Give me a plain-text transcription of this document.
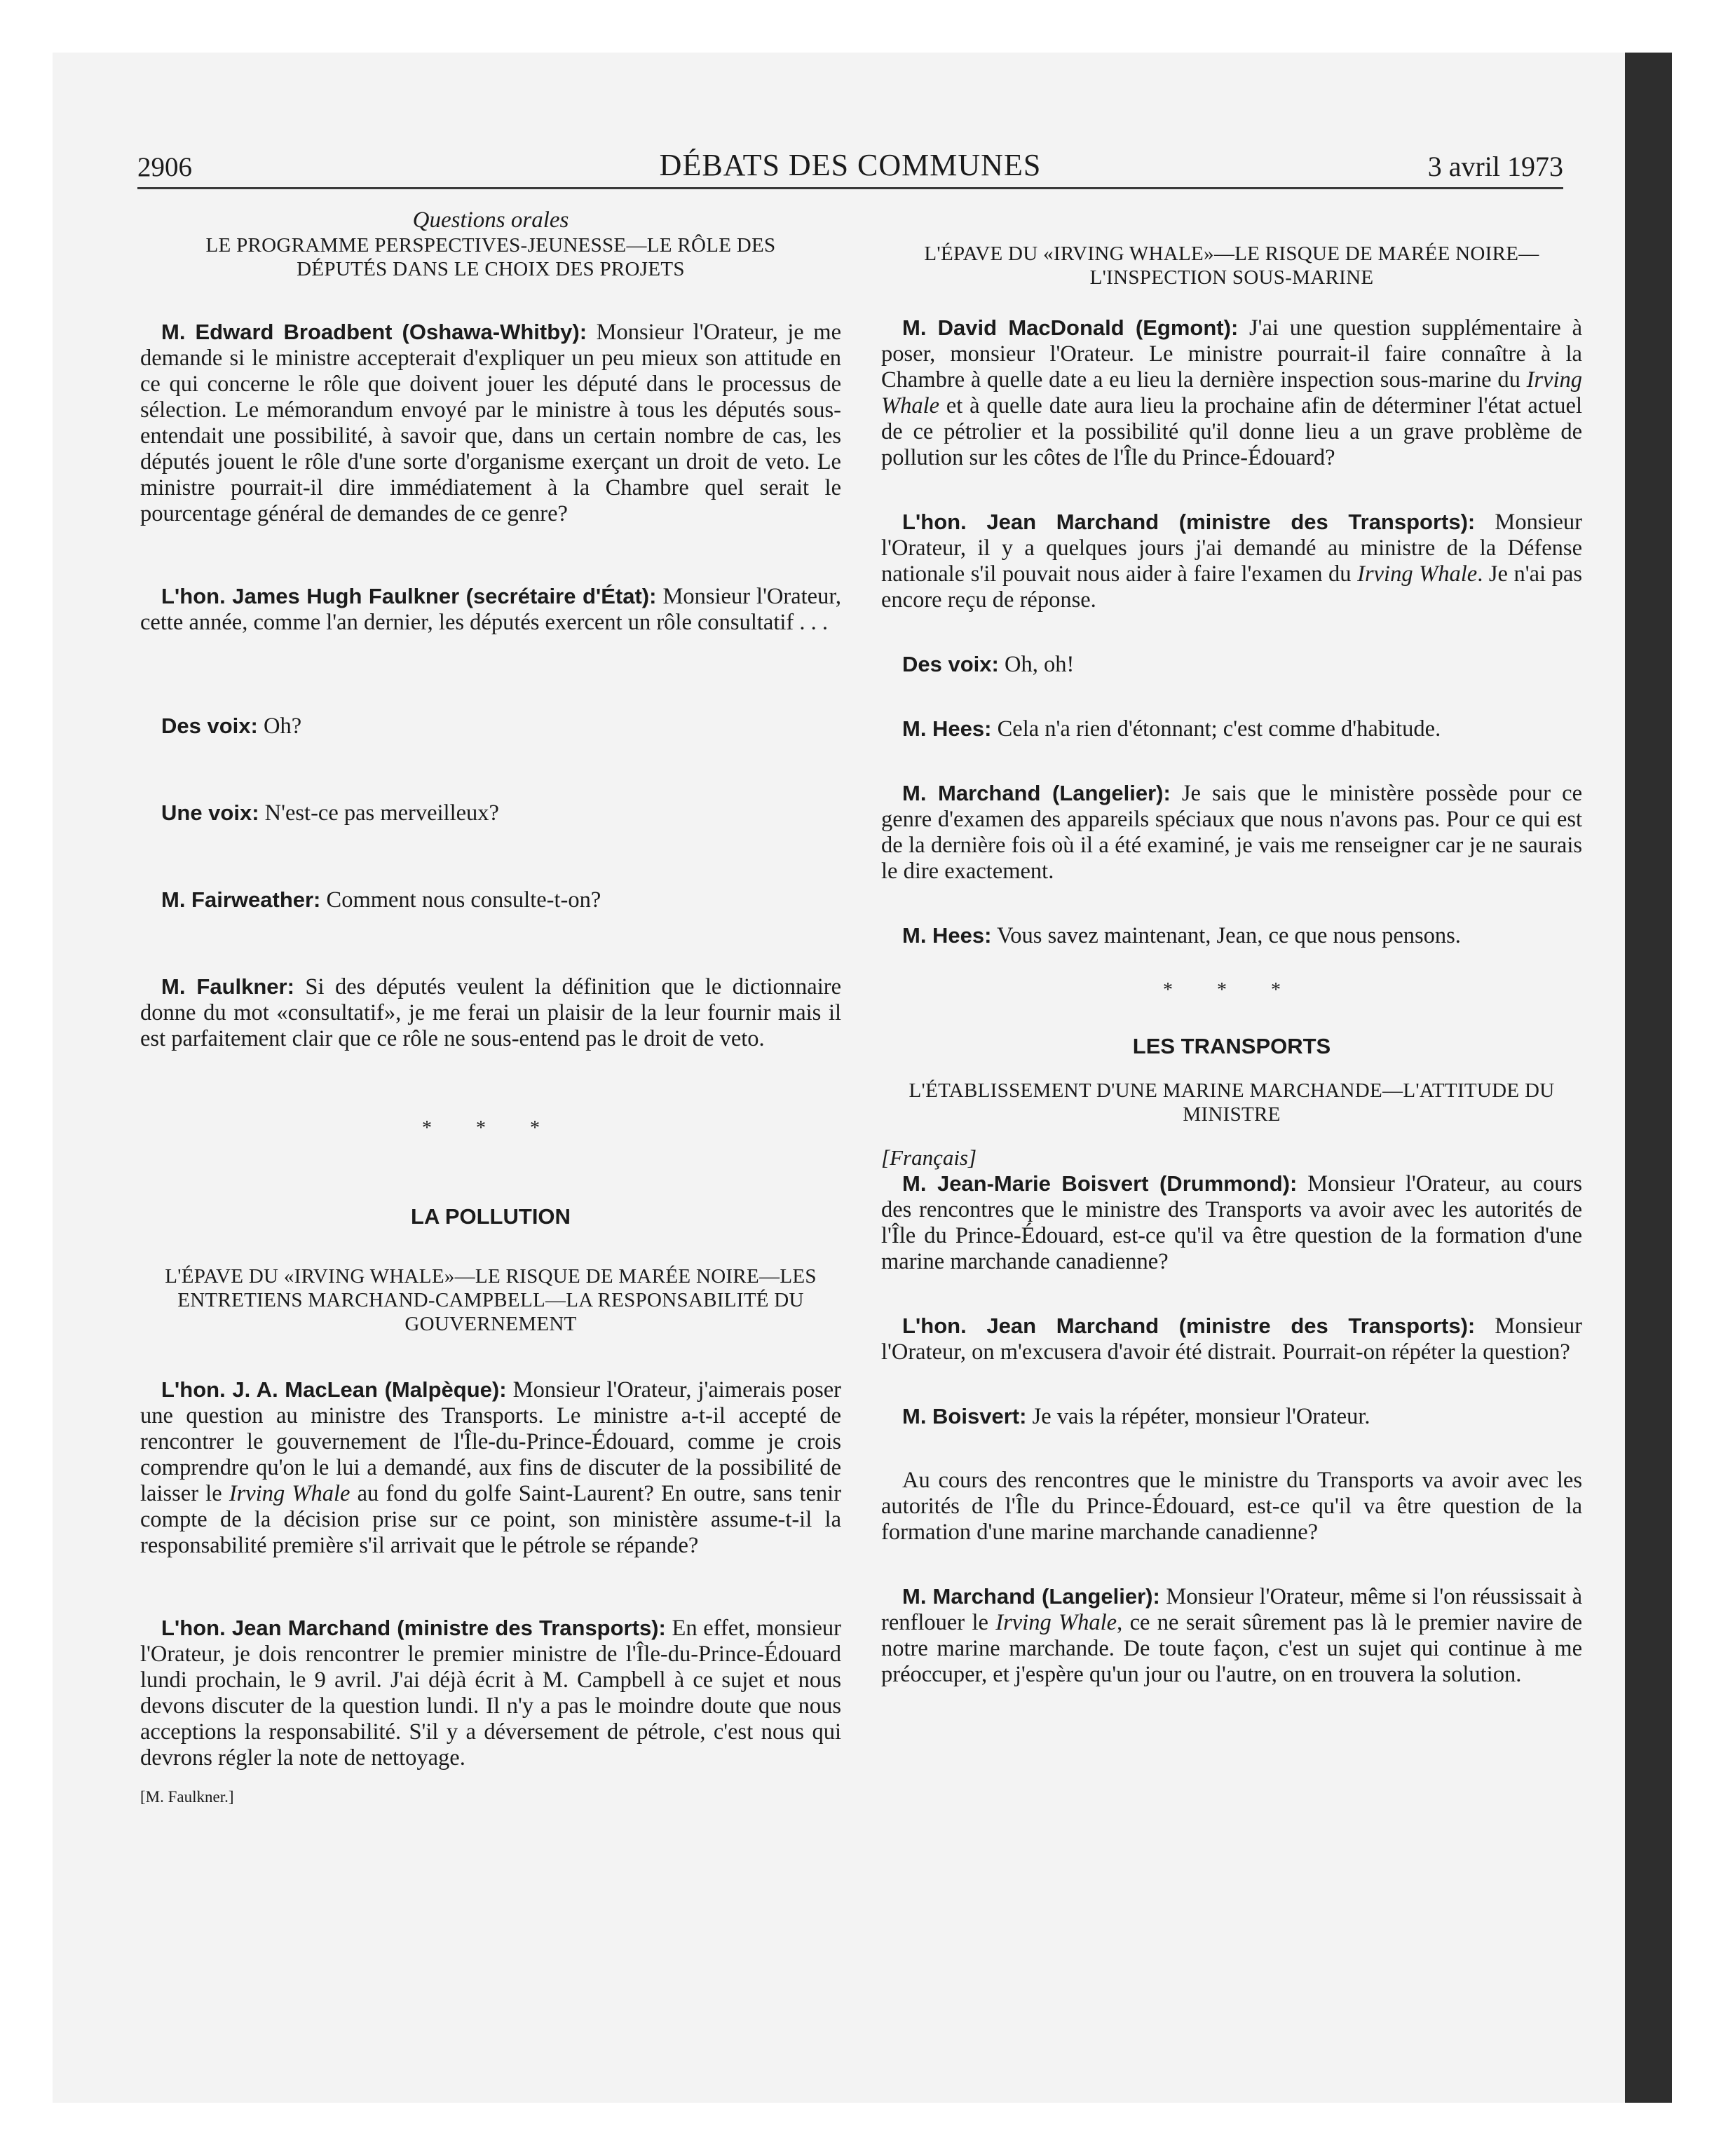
2906	DÉBATS DES COMMUNES	3 avril 1973
Questions orales
LE PROGRAMME PERSPECTIVES-JEUNESSE—LE RÔLE DES DÉPUTÉS DANS LE CHOIX DES PROJETS

M. Edward Broadbent (Oshawa-Whitby): Monsieur l'Orateur, je me demande si le ministre accepterait d'expliquer un peu mieux son attitude en ce qui concerne le rôle que doivent jouer les député dans le processus de sélection. Le mémorandum envoyé par le ministre à tous les députés sous-entendait une possibilité, à savoir que, dans un certain nombre de cas, les députés jouent le rôle d'une sorte d'organisme exerçant un droit de veto. Le ministre pourrait-il dire immédiatement à la Chambre quel serait le pourcentage général de demandes de ce genre?

L'hon. James Hugh Faulkner (secrétaire d'État): Monsieur l'Orateur, cette année, comme l'an dernier, les députés exercent un rôle consultatif . . .

Des voix: Oh?

Une voix: N'est-ce pas merveilleux?

M. Fairweather: Comment nous consulte-t-on?

M. Faulkner: Si des députés veulent la définition que le dictionnaire donne du mot «consultatif», je me ferai un plaisir de la leur fournir mais il est parfaitement clair que ce rôle ne sous-entend pas le droit de veto.

* * *
LA POLLUTION
L'ÉPAVE DU «IRVING WHALE»—LE RISQUE DE MARÉE NOIRE—LES ENTRETIENS MARCHAND-CAMPBELL—LA RESPONSABILITÉ DU GOUVERNEMENT

L'hon. J. A. MacLean (Malpèque): Monsieur l'Orateur, j'aimerais poser une question au ministre des Transports. Le ministre a-t-il accepté de rencontrer le gouvernement de l'Île-du-Prince-Édouard, comme je crois comprendre qu'on le lui a demandé, aux fins de discuter de la possibilité de laisser le Irving Whale au fond du golfe Saint-Laurent? En outre, sans tenir compte de la décision prise sur ce point, son ministère assume-t-il la responsabilité première s'il arrivait que le pétrole se répande?

L'hon. Jean Marchand (ministre des Transports): En effet, monsieur l'Orateur, je dois rencontrer le premier ministre de l'Île-du-Prince-Édouard lundi prochain, le 9 avril. J'ai déjà écrit à M. Campbell à ce sujet et nous devons discuter de la question lundi. Il n'y a pas le moindre doute que nous acceptions la responsabilité. S'il y a déversement de pétrole, c'est nous qui devrons régler la note de nettoyage.

[M. Faulkner.]
L'ÉPAVE DU «IRVING WHALE»—LE RISQUE DE MARÉE NOIRE—L'INSPECTION SOUS-MARINE

M. David MacDonald (Egmont): J'ai une question supplémentaire à poser, monsieur l'Orateur. Le ministre pourrait-il faire connaître à la Chambre à quelle date a eu lieu la dernière inspection sous-marine du Irving Whale et à quelle date aura lieu la prochaine afin de déterminer l'état actuel de ce pétrolier et la possibilité qu'il donne lieu a un grave problème de pollution sur les côtes de l'Île du Prince-Édouard?

L'hon. Jean Marchand (ministre des Transports): Monsieur l'Orateur, il y a quelques jours j'ai demandé au ministre de la Défense nationale s'il pouvait nous aider à faire l'examen du Irving Whale. Je n'ai pas encore reçu de réponse.

Des voix: Oh, oh!

M. Hees: Cela n'a rien d'étonnant; c'est comme d'habitude.

M. Marchand (Langelier): Je sais que le ministère possède pour ce genre d'examen des appareils spéciaux que nous n'avons pas. Pour ce qui est de la dernière fois où il a été examiné, je vais me renseigner car je ne saurais le dire exactement.

M. Hees: Vous savez maintenant, Jean, ce que nous pensons.

* * *
LES TRANSPORTS
L'ÉTABLISSEMENT D'UNE MARINE MARCHANDE—L'ATTITUDE DU MINISTRE
[Français]

M. Jean-Marie Boisvert (Drummond): Monsieur l'Orateur, au cours des rencontres que le ministre des Transports va avoir avec les autorités de l'Île du Prince-Édouard, est-ce qu'il va être question de la formation d'une marine marchande canadienne?

L'hon. Jean Marchand (ministre des Transports): Monsieur l'Orateur, on m'excusera d'avoir été distrait. Pourrait-on répéter la question?

M. Boisvert: Je vais la répéter, monsieur l'Orateur.

Au cours des rencontres que le ministre du Transports va avoir avec les autorités de l'Île du Prince-Édouard, est-ce qu'il va être question de la formation d'une marine marchande canadienne?

M. Marchand (Langelier): Monsieur l'Orateur, même si l'on réussissait à renflouer le Irving Whale, ce ne serait sûrement pas là le premier navire de notre marine marchande. De toute façon, c'est un sujet qui continue à me préoccuper, et j'espère qu'un jour ou l'autre, on en trouvera la solution.
